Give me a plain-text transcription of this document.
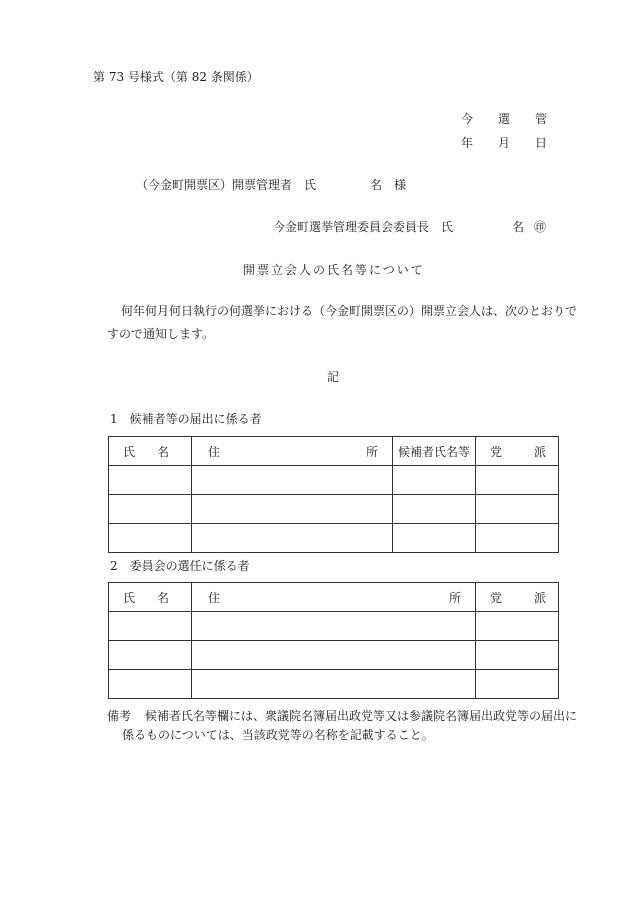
第 73 号様式（第 82 条関係）
今 選 管
年 月 日
（今金町開票区）開票管理者　氏	名 様
今金町選挙管理委員会委員長　氏	名 ㊞
開票立会人の氏名等について
何年何月何日執行の何選挙における（今金町開票区の）開票立会人は、次のとおりで
すので通知します。
記
1　候補者等の届出に係る者
氏 名	住 所	候補者氏名等	党 派

2　委員会の選任に係る者
氏 名	住 所	党 派

備考 候補者氏名等欄には、衆議院名簿届出政党等又は参議院名簿届出政党等の届出に
係るものについては、当該政党等の名称を記載すること。
